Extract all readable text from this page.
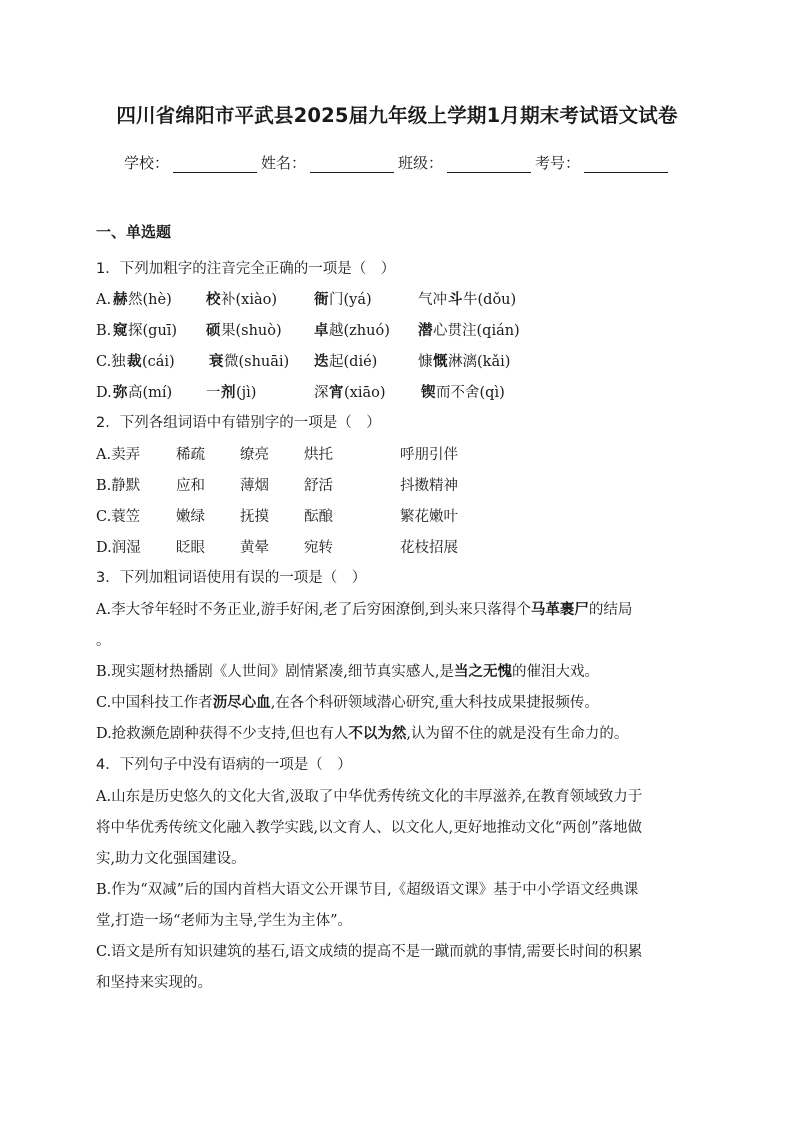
四川省绵阳市平武县2025届九年级上学期1月期末考试语文试卷
学校：	姓名：	班级：	考号：
一、单选题
1．下列加粗字的注音完全正确的一项是（　）
A. 赫 然(hè) 校 补(xiào)	衙 门(yá)	气冲 斗 牛(dǒu)
B. 窥 探(guī) 硕 果(shuò) 卓 越(zhuó) 潜 心贯注(qián)
C.独 裁 (cái) 衰 微(shuāi) 迭 起(dié)	慷 慨 淋漓(kǎi)
D. 弥 高(mí) 一 剂 (jì)	深 宵 (xiāo) 锲 而不舍(qì)
2．下列各组词语中有错别字的一项是（　）
A.卖弄 稀疏 缭亮 烘托	呼朋引伴
B.静默 应和 薄烟 舒活	抖擞精神
C.蓑笠 嫩绿 抚摸 酝酿	繁花嫩叶
D.润湿 眨眼 黄晕 宛转	花枝招展
3．下列加粗词语使用有误的一项是（　）
A.李大爷年轻时不务正业,游手好闲,老了后穷困潦倒,到头来只落得个马革裹尸的结局
。
B.现实题材热播剧《人世间》剧情紧凑,细节真实感人,是当之无愧的催泪大戏。
C.中国科技工作者沥尽心血,在各个科研领域潜心研究,重大科技成果捷报频传。
D.抢救濒危剧种获得不少支持,但也有人不以为然,认为留不住的就是没有生命力的。
4．下列句子中没有语病的一项是（　）
A.山东是历史悠久的文化大省,汲取了中华优秀传统文化的丰厚滋养,在教育领域致力于
将中华优秀传统文化融入教学实践,以文育人、以文化人,更好地推动文化“两创”落地做
实,助力文化强国建设。
B.作为“双减”后的国内首档大语文公开课节目,《超级语文课》基于中小学语文经典课
堂,打造一场“老师为主导,学生为主体”。
C.语文是所有知识建筑的基石,语文成绩的提高不是一蹴而就的事情,需要长时间的积累
和坚持来实现的。
